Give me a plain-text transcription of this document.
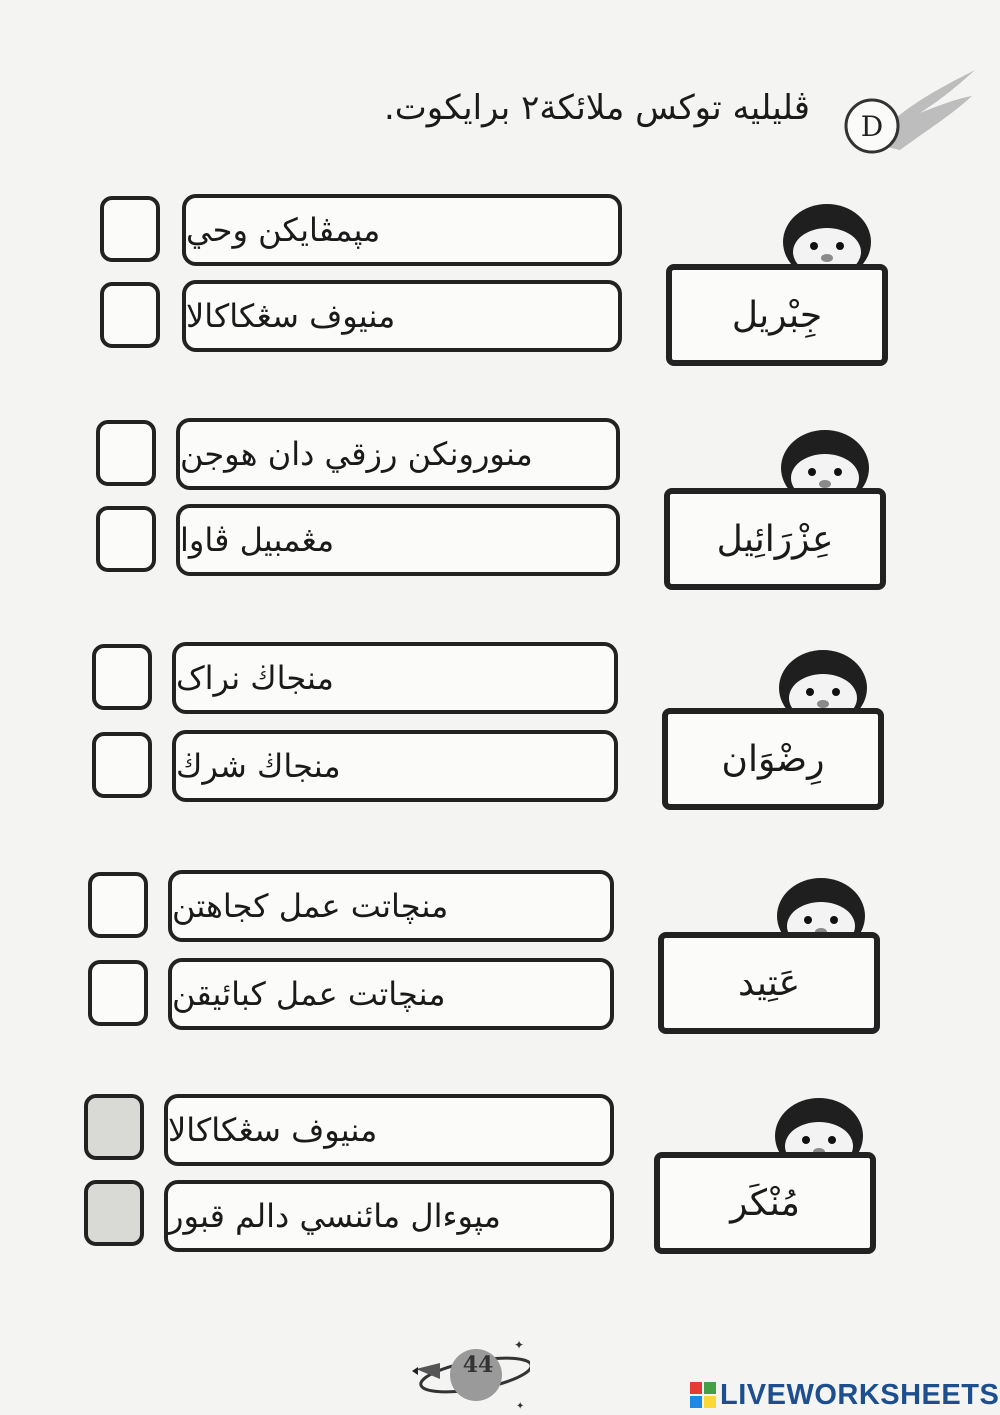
D
ڤليليه توكس ملائكة٢ برايكوت.
مپمڤايكن وحي
منيوف سڠكاكالا	جِبْريل
منورونكن رزقي دان هوجن
مڠمبيل ڤاوا	عِزْرَائِيل
منجاڬ نراک
منجاڬ شرڬ	رِضْوَان
منچاتت عمل كجاهتن
منچاتت عمل كبائيقن	عَتِيد
منيوف سڠكاكالا
مپوءال مائنسي دالم قبور	مُنْكَر
✦
✦
44
LIVEWORKSHEETS
